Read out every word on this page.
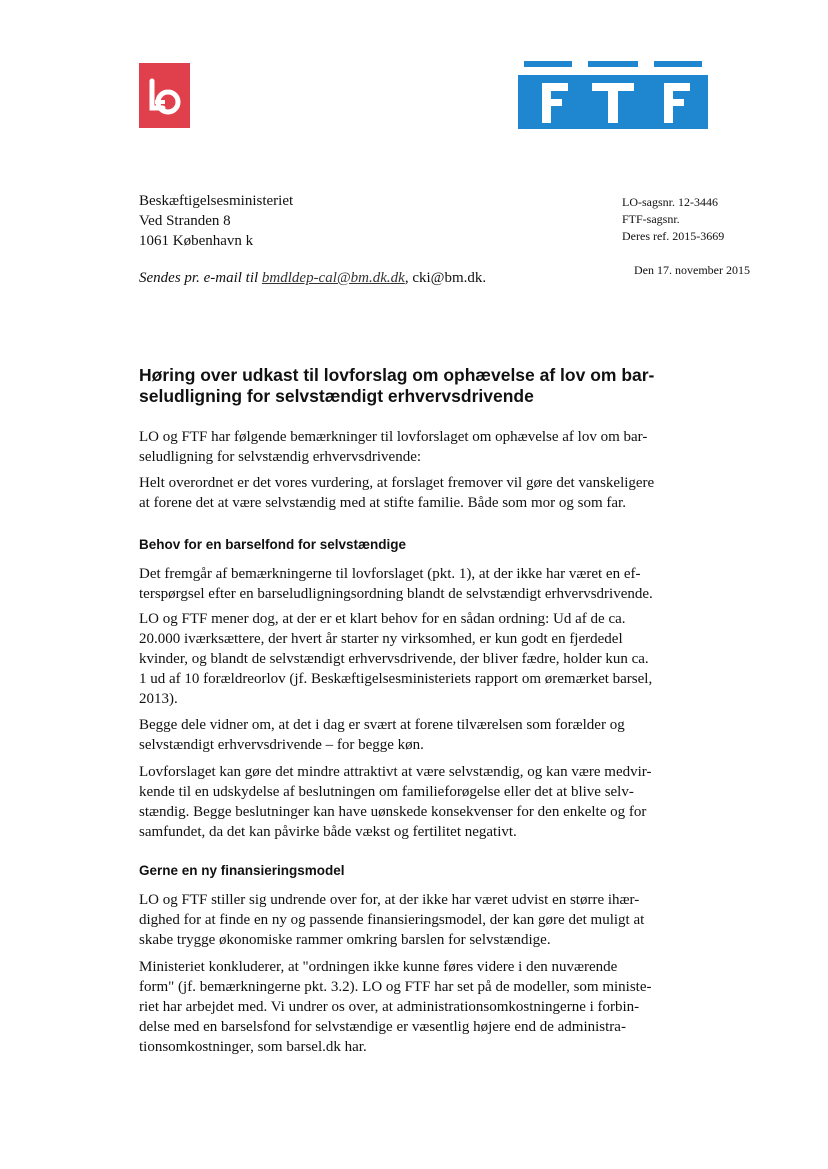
Beskæftigelsesministeriet
Ved Stranden 8
1061 København k
LO-sagsnr. 12-3446
FTF-sagsnr.
Deres ref. 2015-3669
Sendes pr. e-mail til bmdldep-cal@bm.dk.dk, cki@bm.dk.	Den 17. november 2015
Høring over udkast til lovforslag om ophævelse af lov om bar-
seludligning for selvstændigt erhvervsdrivende
LO og FTF har følgende bemærkninger til lovforslaget om ophævelse af lov om bar-
seludligning for selvstændig erhvervsdrivende:
Helt overordnet er det vores vurdering, at forslaget fremover vil gøre det vanskeligere
at forene det at være selvstændig med at stifte familie. Både som mor og som far.
Behov for en barselfond for selvstændige
Det fremgår af bemærkningerne til lovforslaget (pkt. 1), at der ikke har været en ef-
terspørgsel efter en barseludligningsordning blandt de selvstændigt erhvervsdrivende.
LO og FTF mener dog, at der er et klart behov for en sådan ordning: Ud af de ca.
20.000 iværksættere, der hvert år starter ny virksomhed, er kun godt en fjerdedel
kvinder, og blandt de selvstændigt erhvervsdrivende, der bliver fædre, holder kun ca.
1 ud af 10 forældreorlov (jf. Beskæftigelsesministeriets rapport om øremærket barsel,
2013).
Begge dele vidner om, at det i dag er svært at forene tilværelsen som forælder og
selvstændigt erhvervsdrivende – for begge køn.
Lovforslaget kan gøre det mindre attraktivt at være selvstændig, og kan være medvir-
kende til en udskydelse af beslutningen om familieforøgelse eller det at blive selv-
stændig. Begge beslutninger kan have uønskede konsekvenser for den enkelte og for
samfundet, da det kan påvirke både vækst og fertilitet negativt.
Gerne en ny finansieringsmodel
LO og FTF stiller sig undrende over for, at der ikke har været udvist en større ihær-
dighed for at finde en ny og passende finansieringsmodel, der kan gøre det muligt at
skabe trygge økonomiske rammer omkring barslen for selvstændige.
Ministeriet konkluderer, at "ordningen ikke kunne føres videre i den nuværende
form" (jf. bemærkningerne pkt. 3.2). LO og FTF har set på de modeller, som ministe-
riet har arbejdet med. Vi undrer os over, at administrationsomkostningerne i forbin-
delse med en barselsfond for selvstændige er væsentlig højere end de administra-
tionsomkostninger, som barsel.dk har.
